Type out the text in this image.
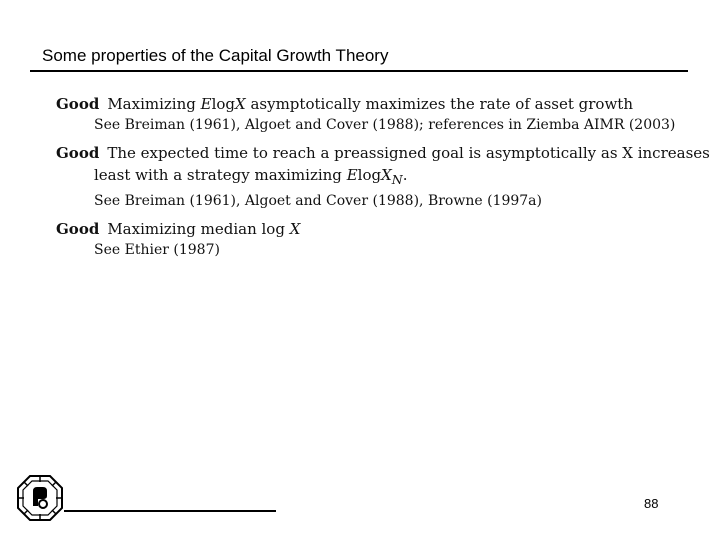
Some properties of the Capital Growth Theory
Good Maximizing ElogX asymptotically maximizes the rate of asset growth
See Breiman (1961), Algoet and Cover (1988); references in Ziemba AIMR (2003)
Good The expected time to reach a preassigned goal is asymptotically as X increases
least with a strategy maximizing ElogX$_N$.
See Breiman (1961), Algoet and Cover (1988), Browne (1997a)
Good Maximizing median log X
See Ethier (1987)
88
